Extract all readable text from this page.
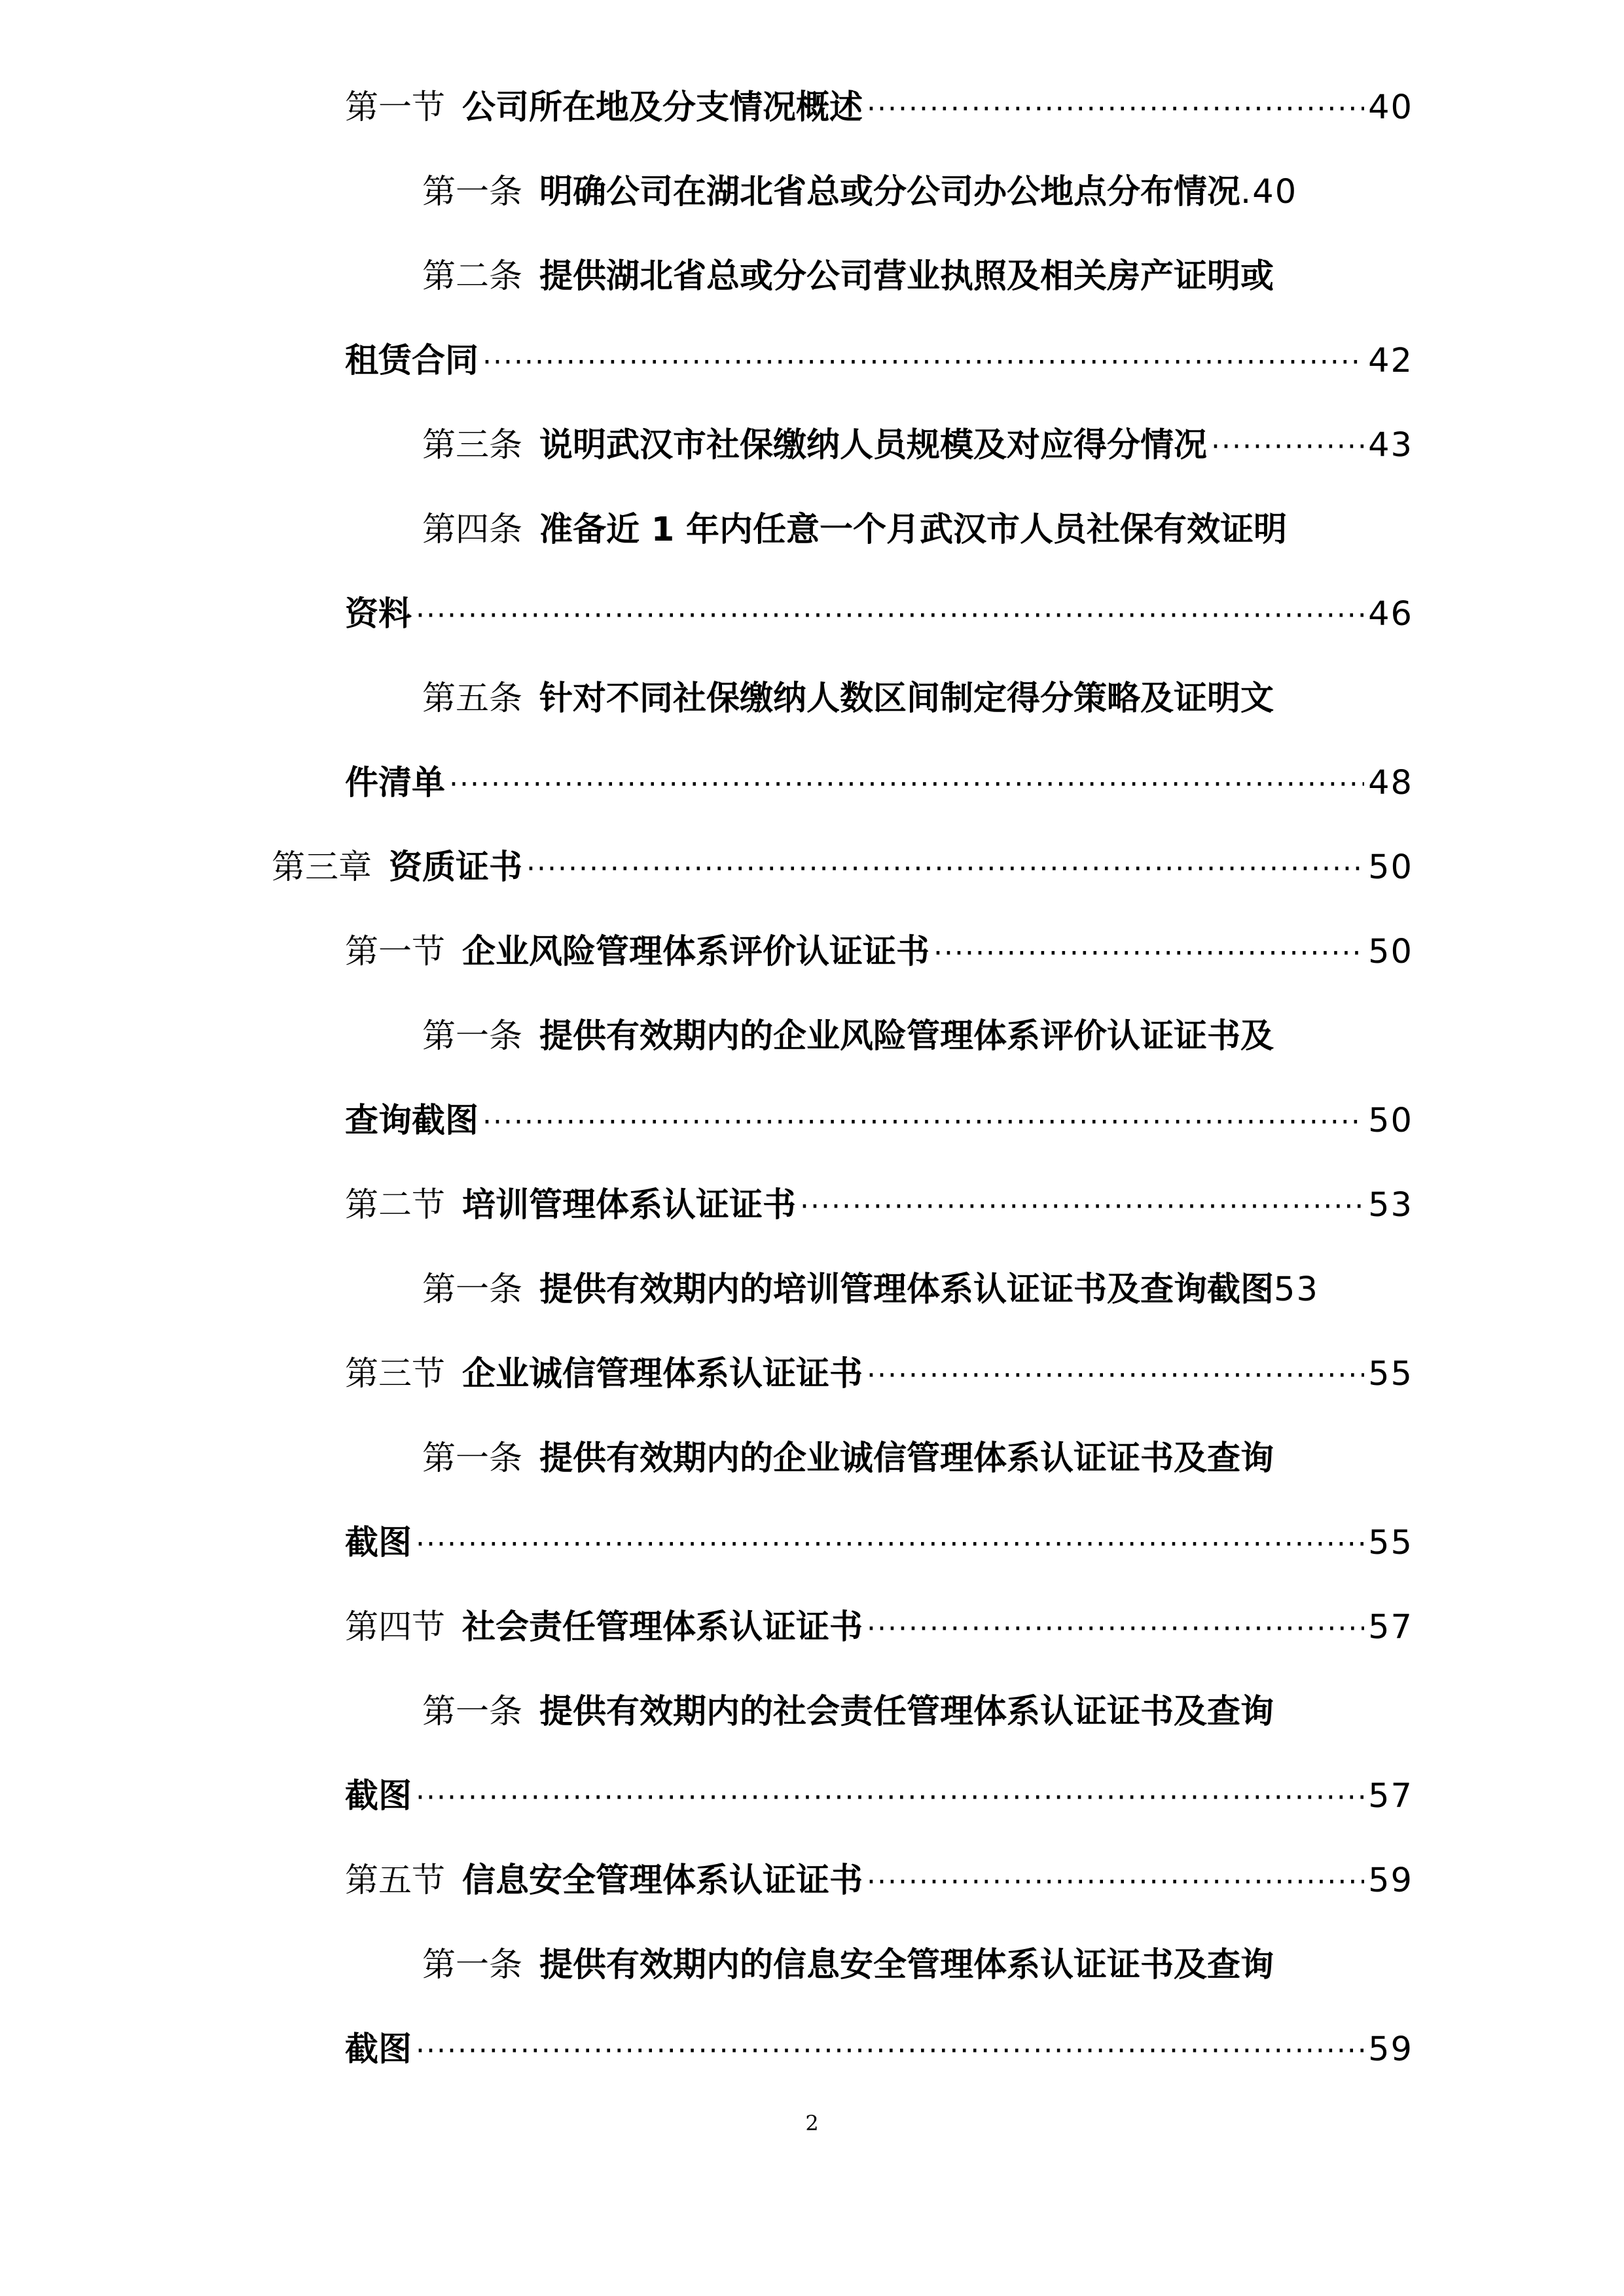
第一节 公司所在地及分支情况概述 ·····	40
第一条 明确公司在湖北省总或分公司办公地点分布情况 .40
第二条 提供湖北省总或分公司营业执照及相关房产证明或
租赁合同 ·····	42
第三条 说明武汉市社保缴纳人员规模及对应得分情况 ·····	43
第四条 准备近 1 年内任意一个月武汉市人员社保有效证明
资料 ·····	46
第五条 针对不同社保缴纳人数区间制定得分策略及证明文
件清单 ·····	48
第三章 资质证书 ·····	50
第一节 企业风险管理体系评价认证证书 ·····	50
第一条 提供有效期内的企业风险管理体系评价认证证书及
查询截图 ·····	50
第二节 培训管理体系认证证书 ·····	53
第一条 提供有效期内的培训管理体系认证证书及查询截图 53
第三节 企业诚信管理体系认证证书 ·····	55
第一条 提供有效期内的企业诚信管理体系认证证书及查询
截图 ·····	55
第四节 社会责任管理体系认证证书 ·····	57
第一条 提供有效期内的社会责任管理体系认证证书及查询
截图 ·····	57
第五节 信息安全管理体系认证证书 ·····	59
第一条 提供有效期内的信息安全管理体系认证证书及查询
截图 ·····	59
2
